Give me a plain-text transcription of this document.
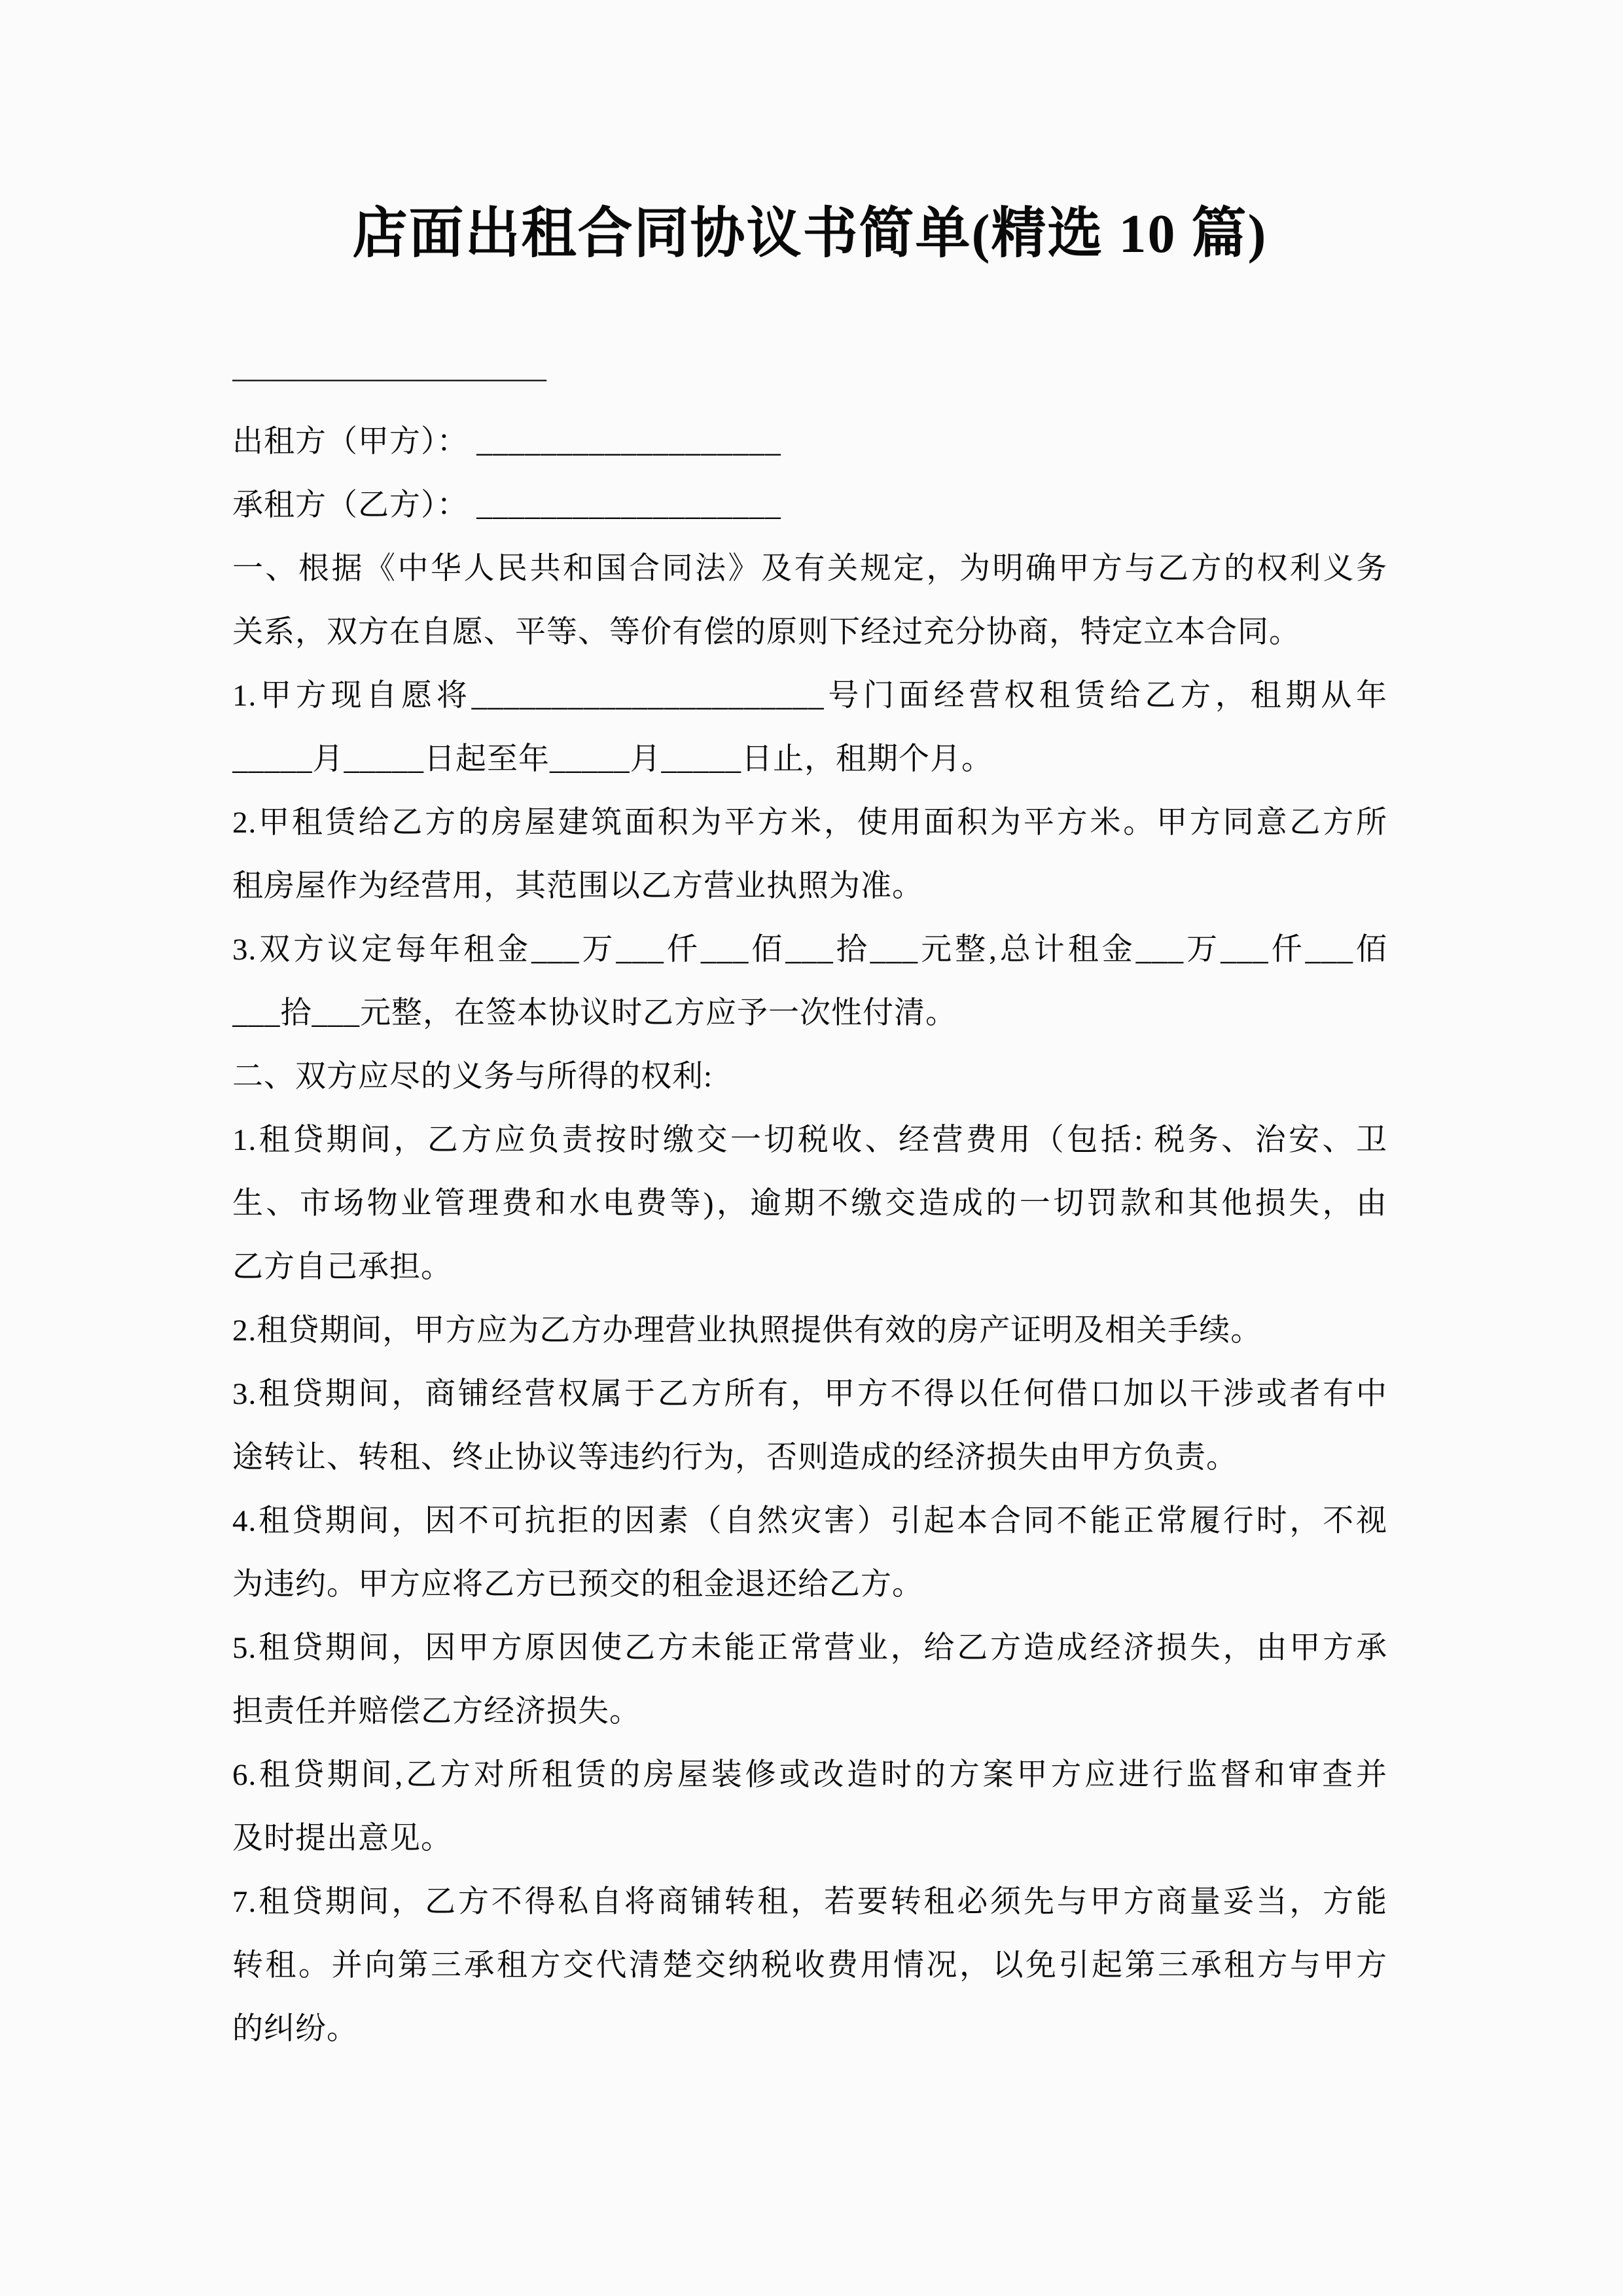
店面出租合同协议书简单(精选 10 篇)
———————————————
出租方（甲方）： ___________________
承租方（乙方）： ___________________
一、根据《中华人民共和国合同法》及有关规定，为明确甲方与乙方的权利义务
关系，双方在自愿、平等、等价有偿的原则下经过充分协商，特定立本合同。
1.甲方现自愿将______________________号门面经营权租赁给乙方，租期从年
_____月_____日起至年_____月_____日止，租期个月。
2.甲租赁给乙方的房屋建筑面积为平方米，使用面积为平方米。甲方同意乙方所
租房屋作为经营用，其范围以乙方营业执照为准。
3.双方议定每年租金___万___仟___佰___拾___元整,总计租金___万___仟___佰
___拾___元整，在签本协议时乙方应予一次性付清。
二、双方应尽的义务与所得的权利:
1.租贷期间，乙方应负责按时缴交一切税收、经营费用（包括: 税务、治安、卫
生、市场物业管理费和水电费等)，逾期不缴交造成的一切罚款和其他损失，由
乙方自己承担。
2.租贷期间，甲方应为乙方办理营业执照提供有效的房产证明及相关手续。
3.租贷期间，商铺经营权属于乙方所有，甲方不得以任何借口加以干涉或者有中
途转让、转租、终止协议等违约行为，否则造成的经济损失由甲方负责。
4.租贷期间，因不可抗拒的因素（自然灾害）引起本合同不能正常履行时，不视
为违约。甲方应将乙方已预交的租金退还给乙方。
5.租贷期间，因甲方原因使乙方未能正常营业，给乙方造成经济损失，由甲方承
担责任并赔偿乙方经济损失。
6.租贷期间,乙方对所租赁的房屋装修或改造时的方案甲方应进行监督和审查并
及时提出意见。
7.租贷期间，乙方不得私自将商铺转租，若要转租必须先与甲方商量妥当，方能
转租。并向第三承租方交代清楚交纳税收费用情况，以免引起第三承租方与甲方
的纠纷。
